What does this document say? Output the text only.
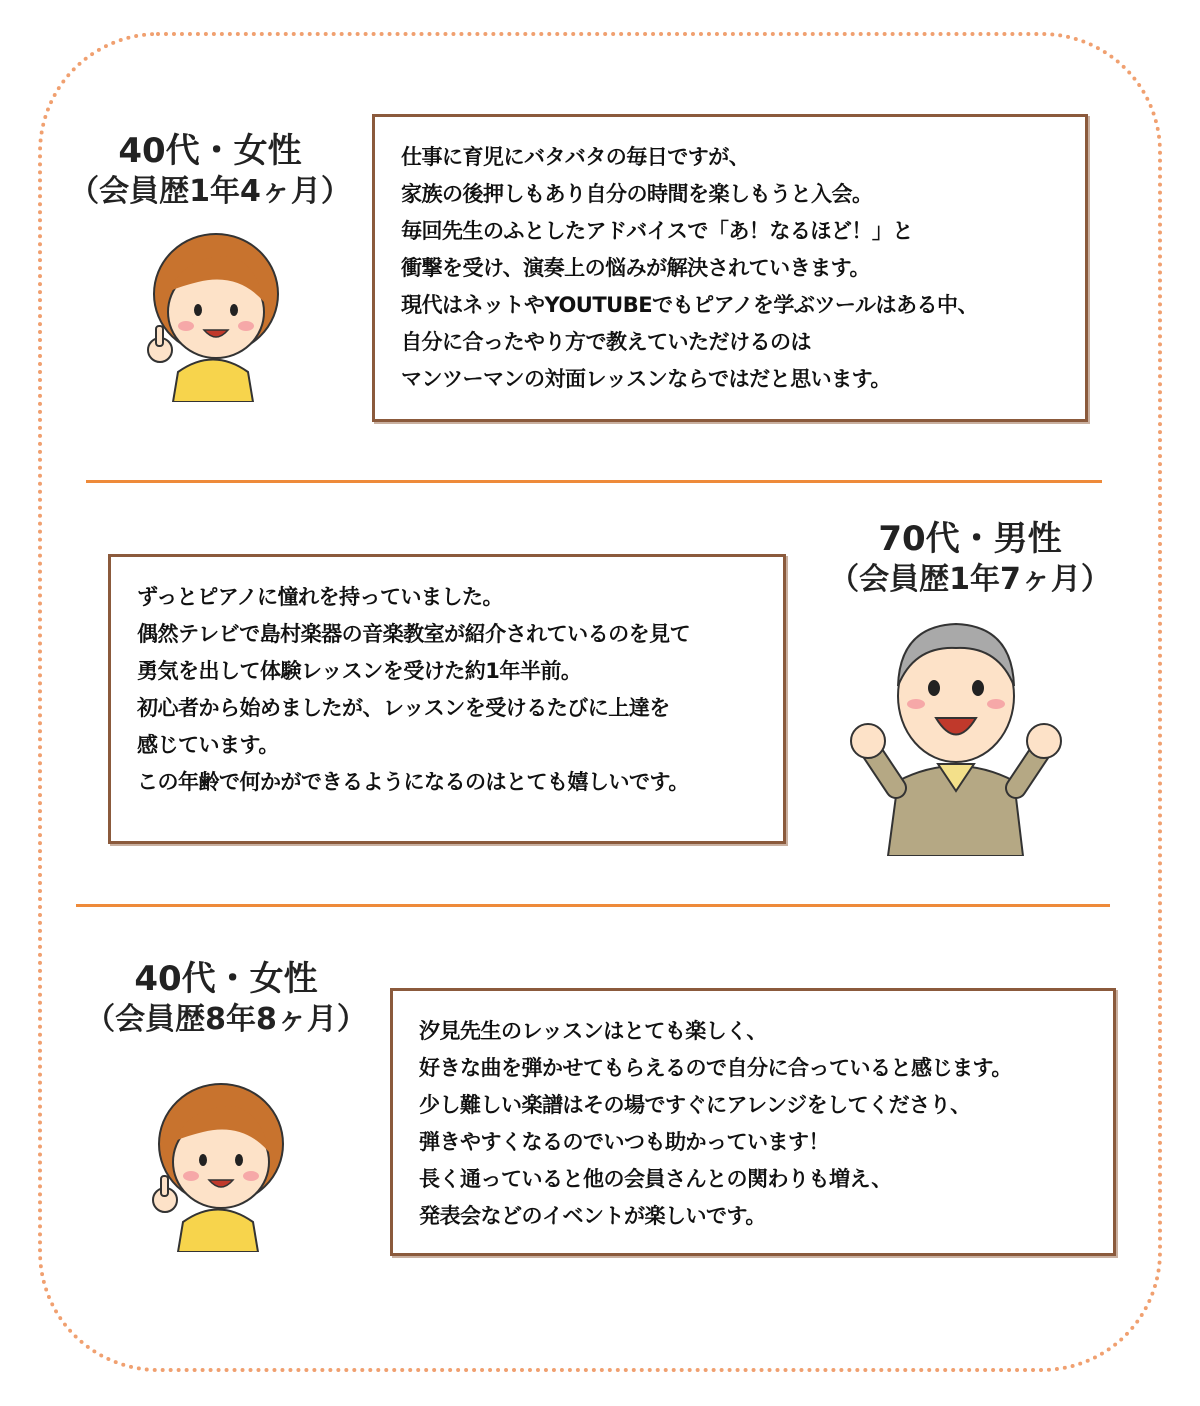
40代・女性
（会員歴1年4ヶ月）
仕事に育児にバタバタの毎日ですが、
家族の後押しもあり自分の時間を楽しもうと入会。
毎回先生のふとしたアドバイスで「あ！なるほど！」と
衝撃を受け、演奏上の悩みが解決されていきます。
現代はネットやYOUTUBEでもピアノを学ぶツールはある中、
自分に合ったやり方で教えていただけるのは
マンツーマンの対面レッスンならではだと思います。
ずっとピアノに憧れを持っていました。
偶然テレビで島村楽器の音楽教室が紹介されているのを見て
勇気を出して体験レッスンを受けた約1年半前。
初心者から始めましたが、レッスンを受けるたびに上達を
感じています。
この年齢で何かができるようになるのはとても嬉しいです。
70代・男性
（会員歴1年7ヶ月）
40代・女性
（会員歴8年8ヶ月）	汐見先生のレッスンはとても楽しく、
好きな曲を弾かせてもらえるので自分に合っていると感じます。
少し難しい楽譜はその場ですぐにアレンジをしてくださり、
弾きやすくなるのでいつも助かっています！
長く通っていると他の会員さんとの関わりも増え、
発表会などのイベントが楽しいです。
